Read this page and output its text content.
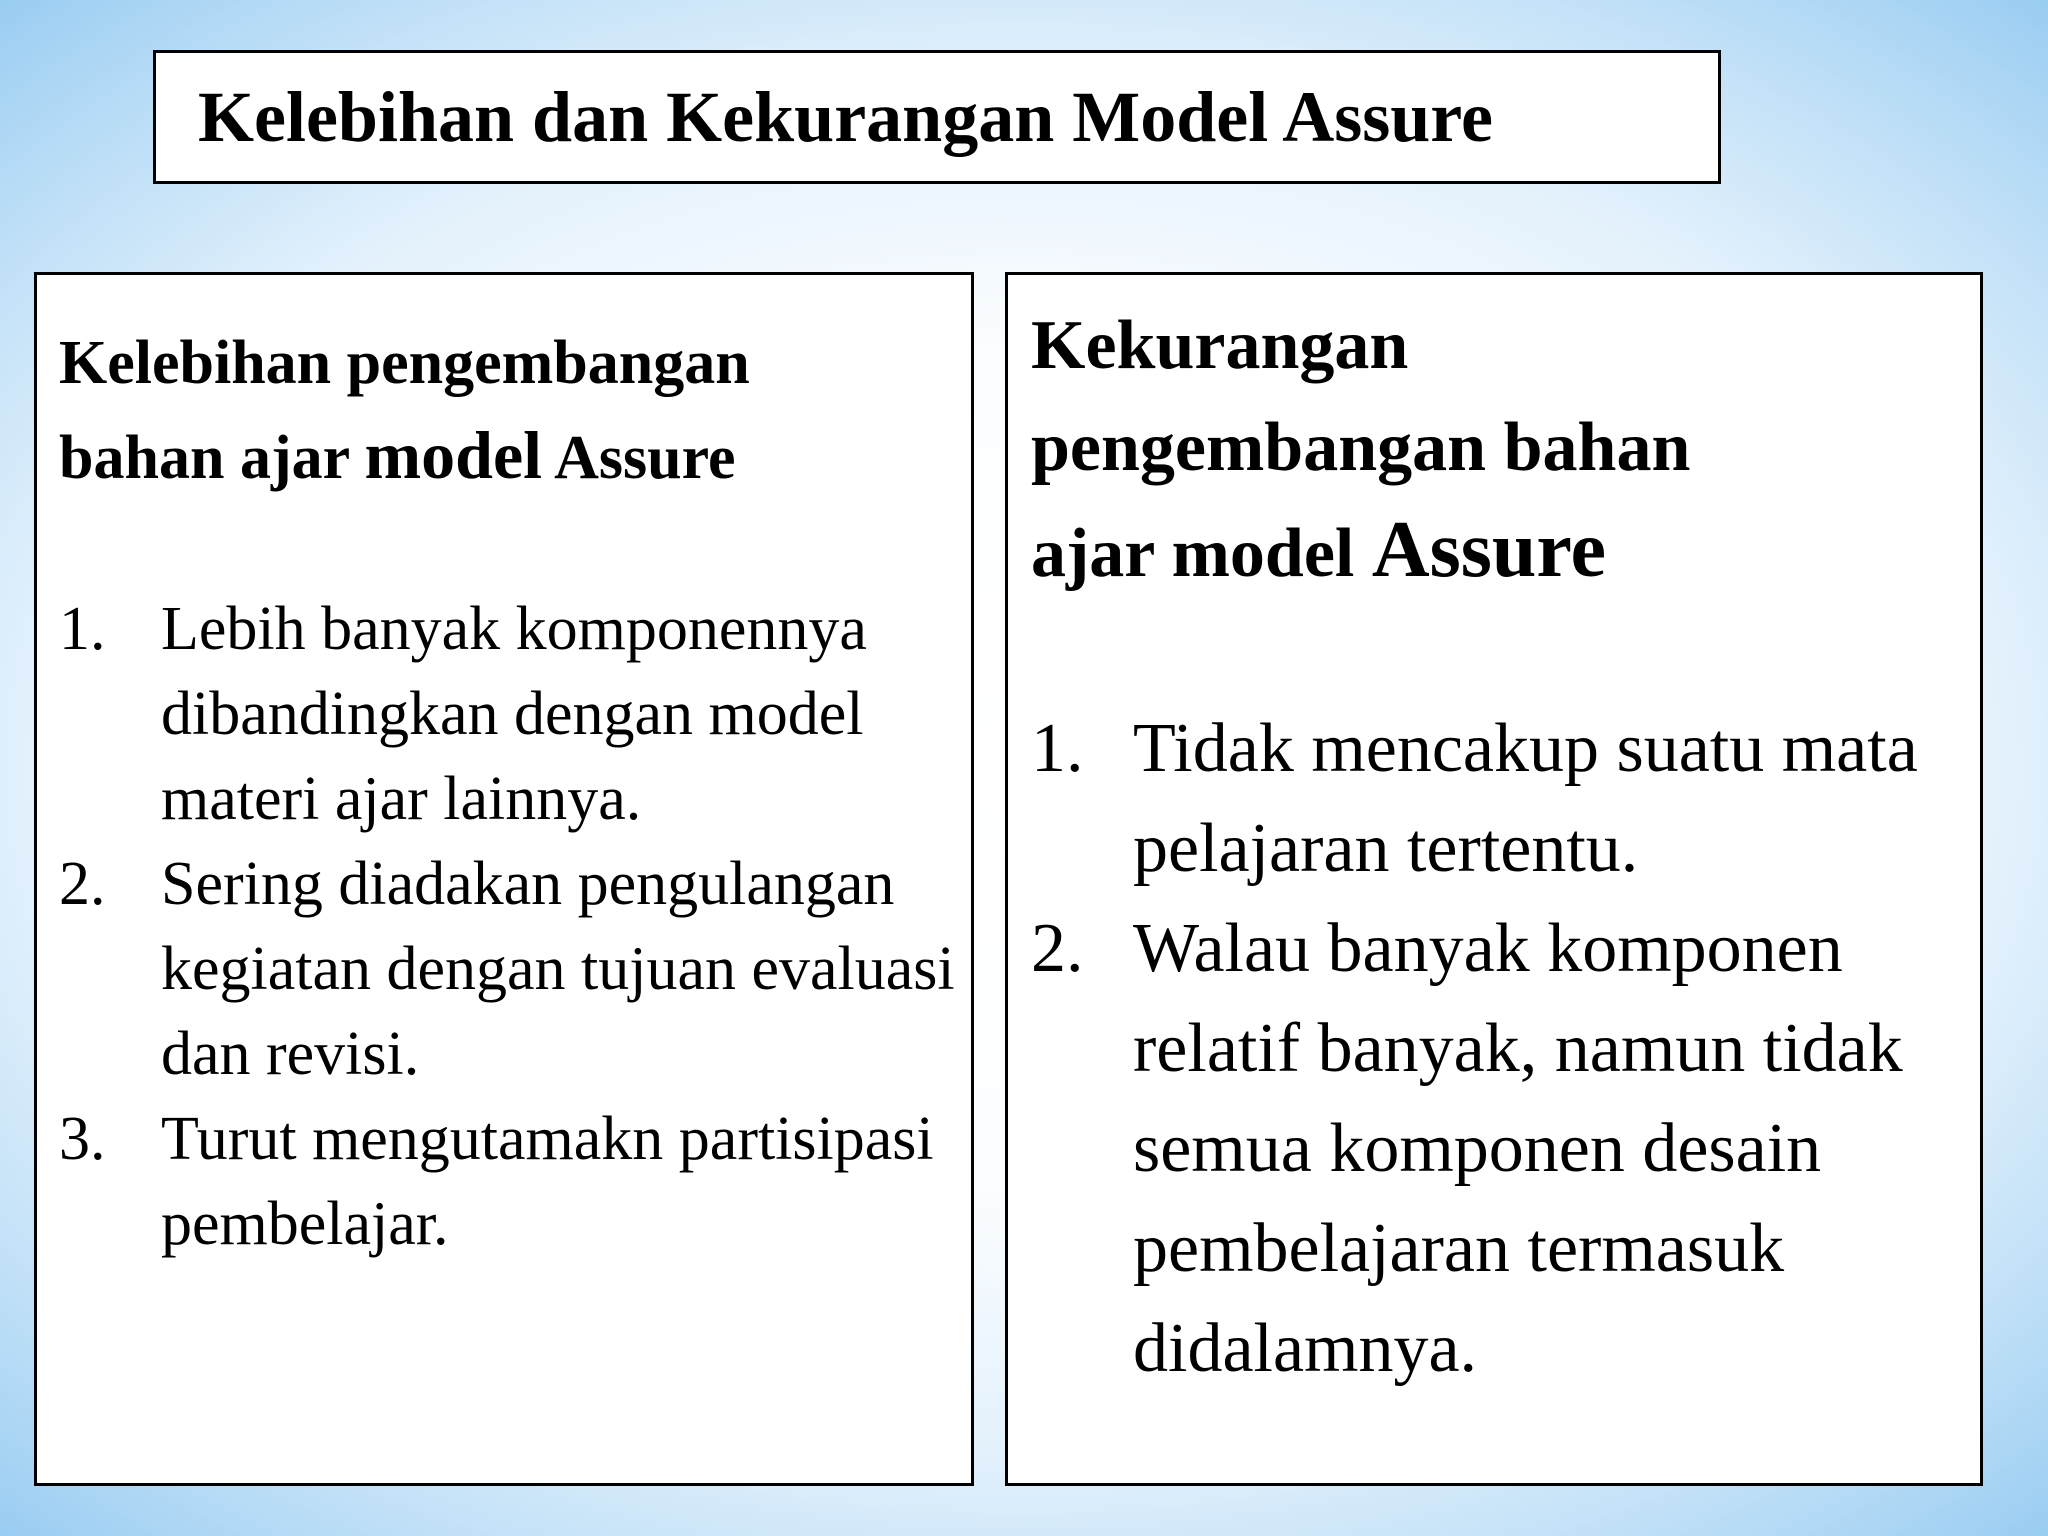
Kelebihan dan Kekurangan Model Assure
Kelebihan pengembangan
bahan ajar model Assure
1. Lebih banyak komponennya dibandingkan dengan model materi ajar lainnya.
2. Sering diadakan pengulangan kegiatan dengan tujuan evaluasi dan revisi.
3. Turut mengutamakn partisipasi pembelajar.
Kekurangan
pengembangan bahan
ajar model Assure
1. Tidak mencakup suatu mata pelajaran tertentu.
2. Walau banyak komponen relatif banyak, namun tidak semua komponen desain pembelajaran termasuk didalamnya.
